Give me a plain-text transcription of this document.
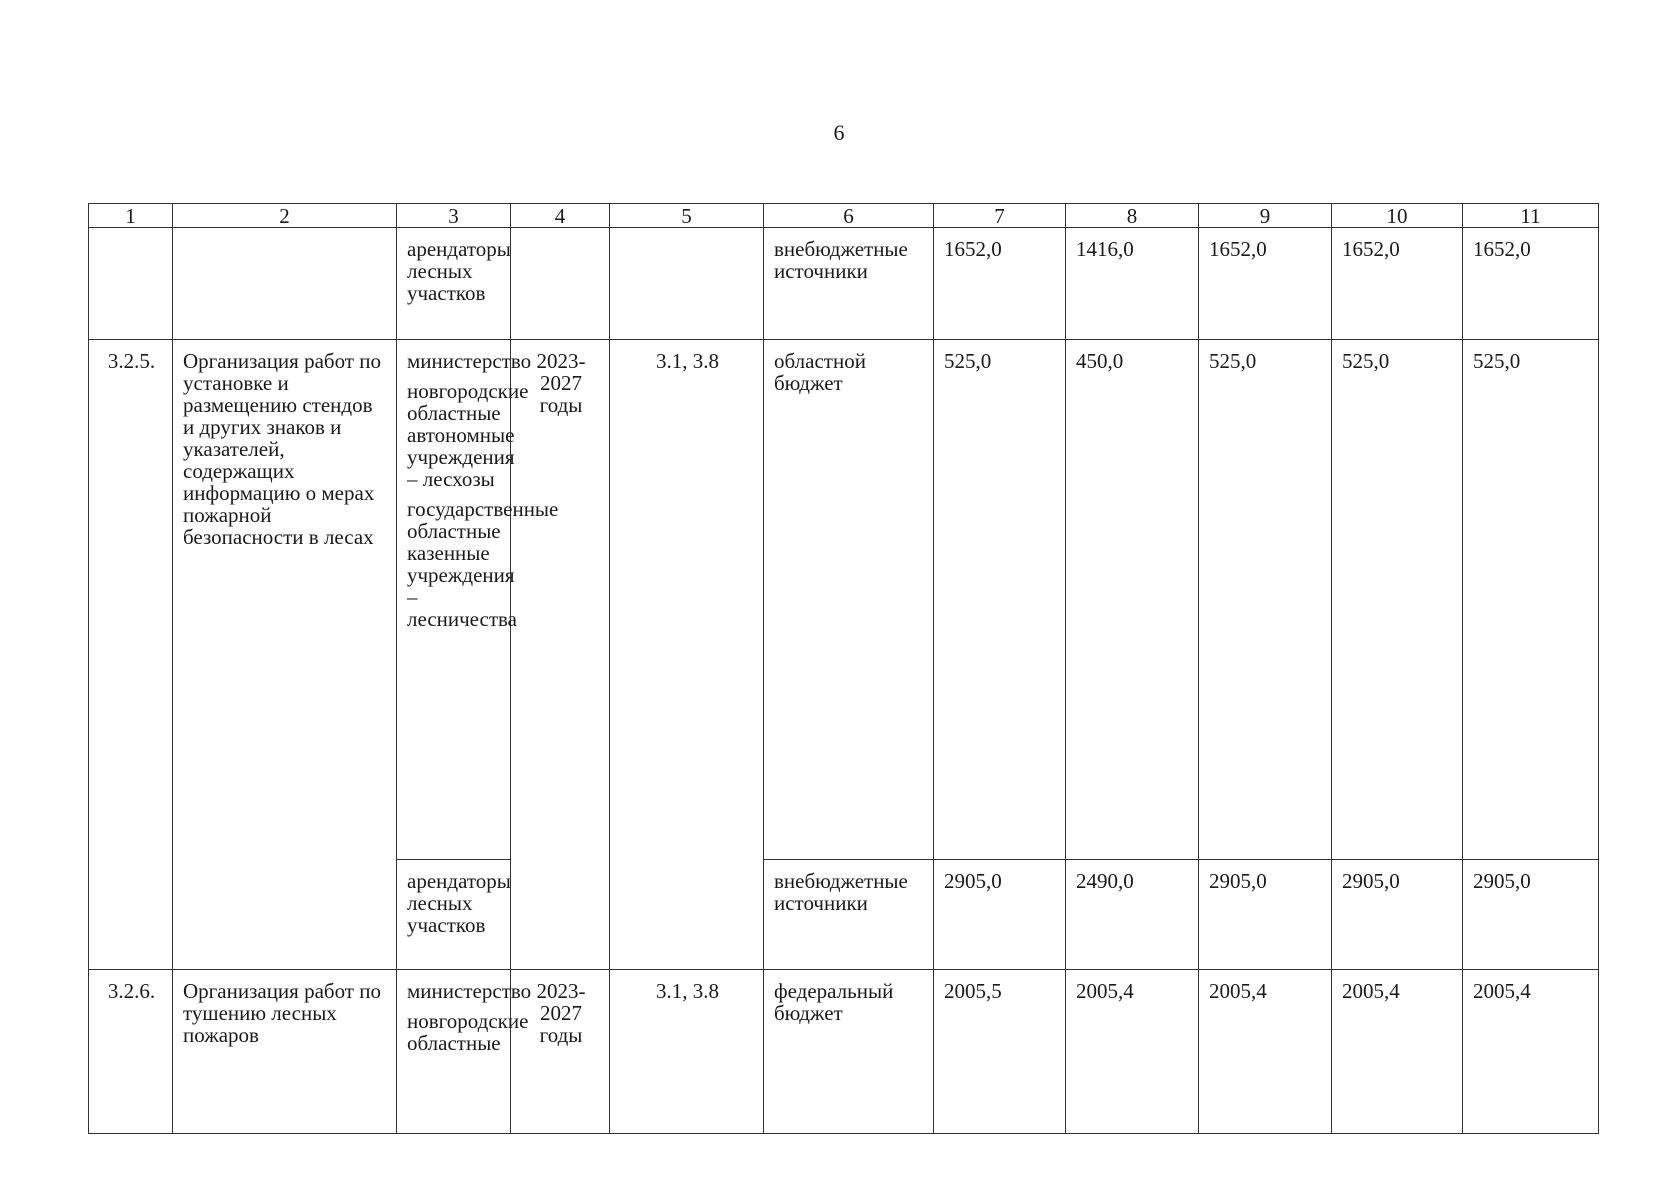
6
1	2	3	4	5	6	7	8	9	10	11
		арендаторы лесных участков			внебюджетные источники	1652,0	1416,0	1652,0	1652,0	1652,0
3.2.5.	Организация работ по установке и размещению стендов и других знаков и указателей, содержащих информацию о мерах пожарной безопасности в лесах	министерство
новгородские областные автономные учреждения – лесхозы
государственные областные казенные учреждения – лесничества	2023-2027 годы	3.1, 3.8	областной бюджет	525,0	450,0	525,0	525,0	525,0
		арендаторы лесных участков			внебюджетные источники	2905,0	2490,0	2905,0	2905,0	2905,0
3.2.6.	Организация работ по тушению лесных пожаров	министерство
новгородские областные	2023-2027 годы	3.1, 3.8	федеральный бюджет	2005,5	2005,4	2005,4	2005,4	2005,4
